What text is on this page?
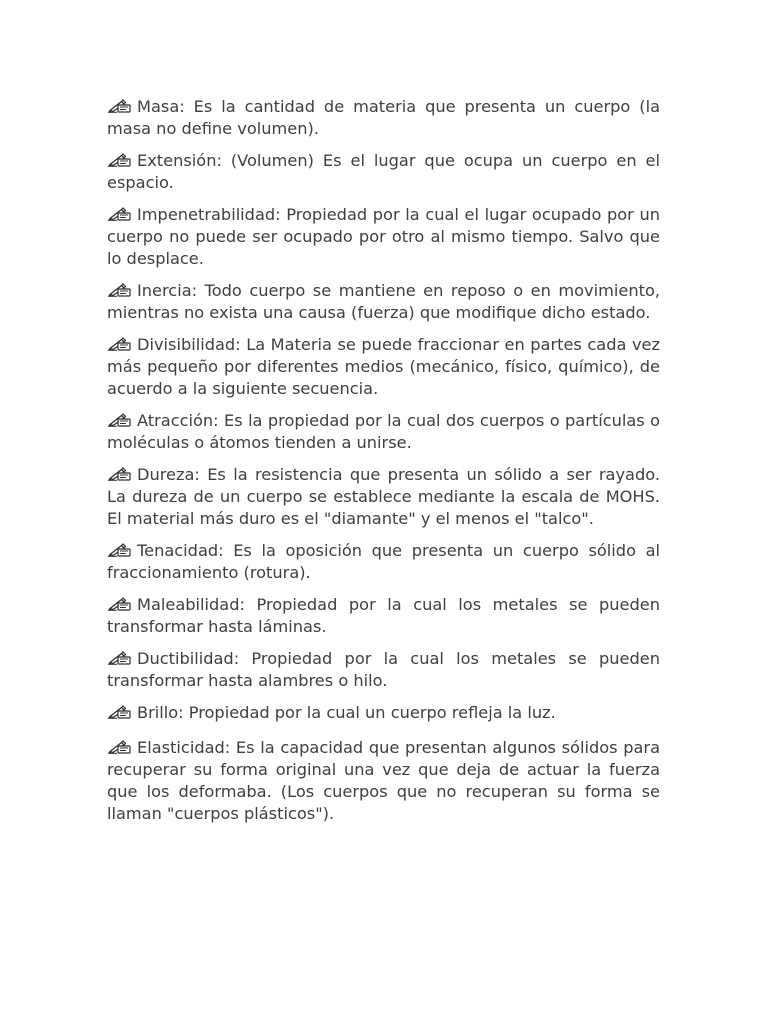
Masa: Es la cantidad de materia que presenta un cuerpo (la masa no define volumen).

Extensión: (Volumen) Es el lugar que ocupa un cuerpo en el espacio.

Impenetrabilidad: Propiedad por la cual el lugar ocupado por un cuerpo no puede ser ocupado por otro al mismo tiempo. Salvo que lo desplace.

Inercia: Todo cuerpo se mantiene en reposo o en movimiento, mientras no exista una causa (fuerza) que modifique dicho estado.

Divisibilidad: La Materia se puede fraccionar en partes cada vez más pequeño por diferentes medios (mecánico, físico, químico), de acuerdo a la siguiente secuencia.

Atracción: Es la propiedad por la cual dos cuerpos o partículas o moléculas o átomos tienden a unirse.

Dureza: Es la resistencia que presenta un sólido a ser rayado. La dureza de un cuerpo se establece mediante la escala de MOHS. El material más duro es el "diamante" y el menos el "talco".

Tenacidad: Es la oposición que presenta un cuerpo sólido al fraccionamiento (rotura).

Maleabilidad: Propiedad por la cual los metales se pueden transformar hasta láminas.

Ductibilidad: Propiedad por la cual los metales se pueden transformar hasta alambres o hilo.

Brillo: Propiedad por la cual un cuerpo refleja la luz.

Elasticidad: Es la capacidad que presentan algunos sólidos para recuperar su forma original una vez que deja de actuar la fuerza que los deformaba. (Los cuerpos que no recuperan su forma se llaman "cuerpos plásticos").
